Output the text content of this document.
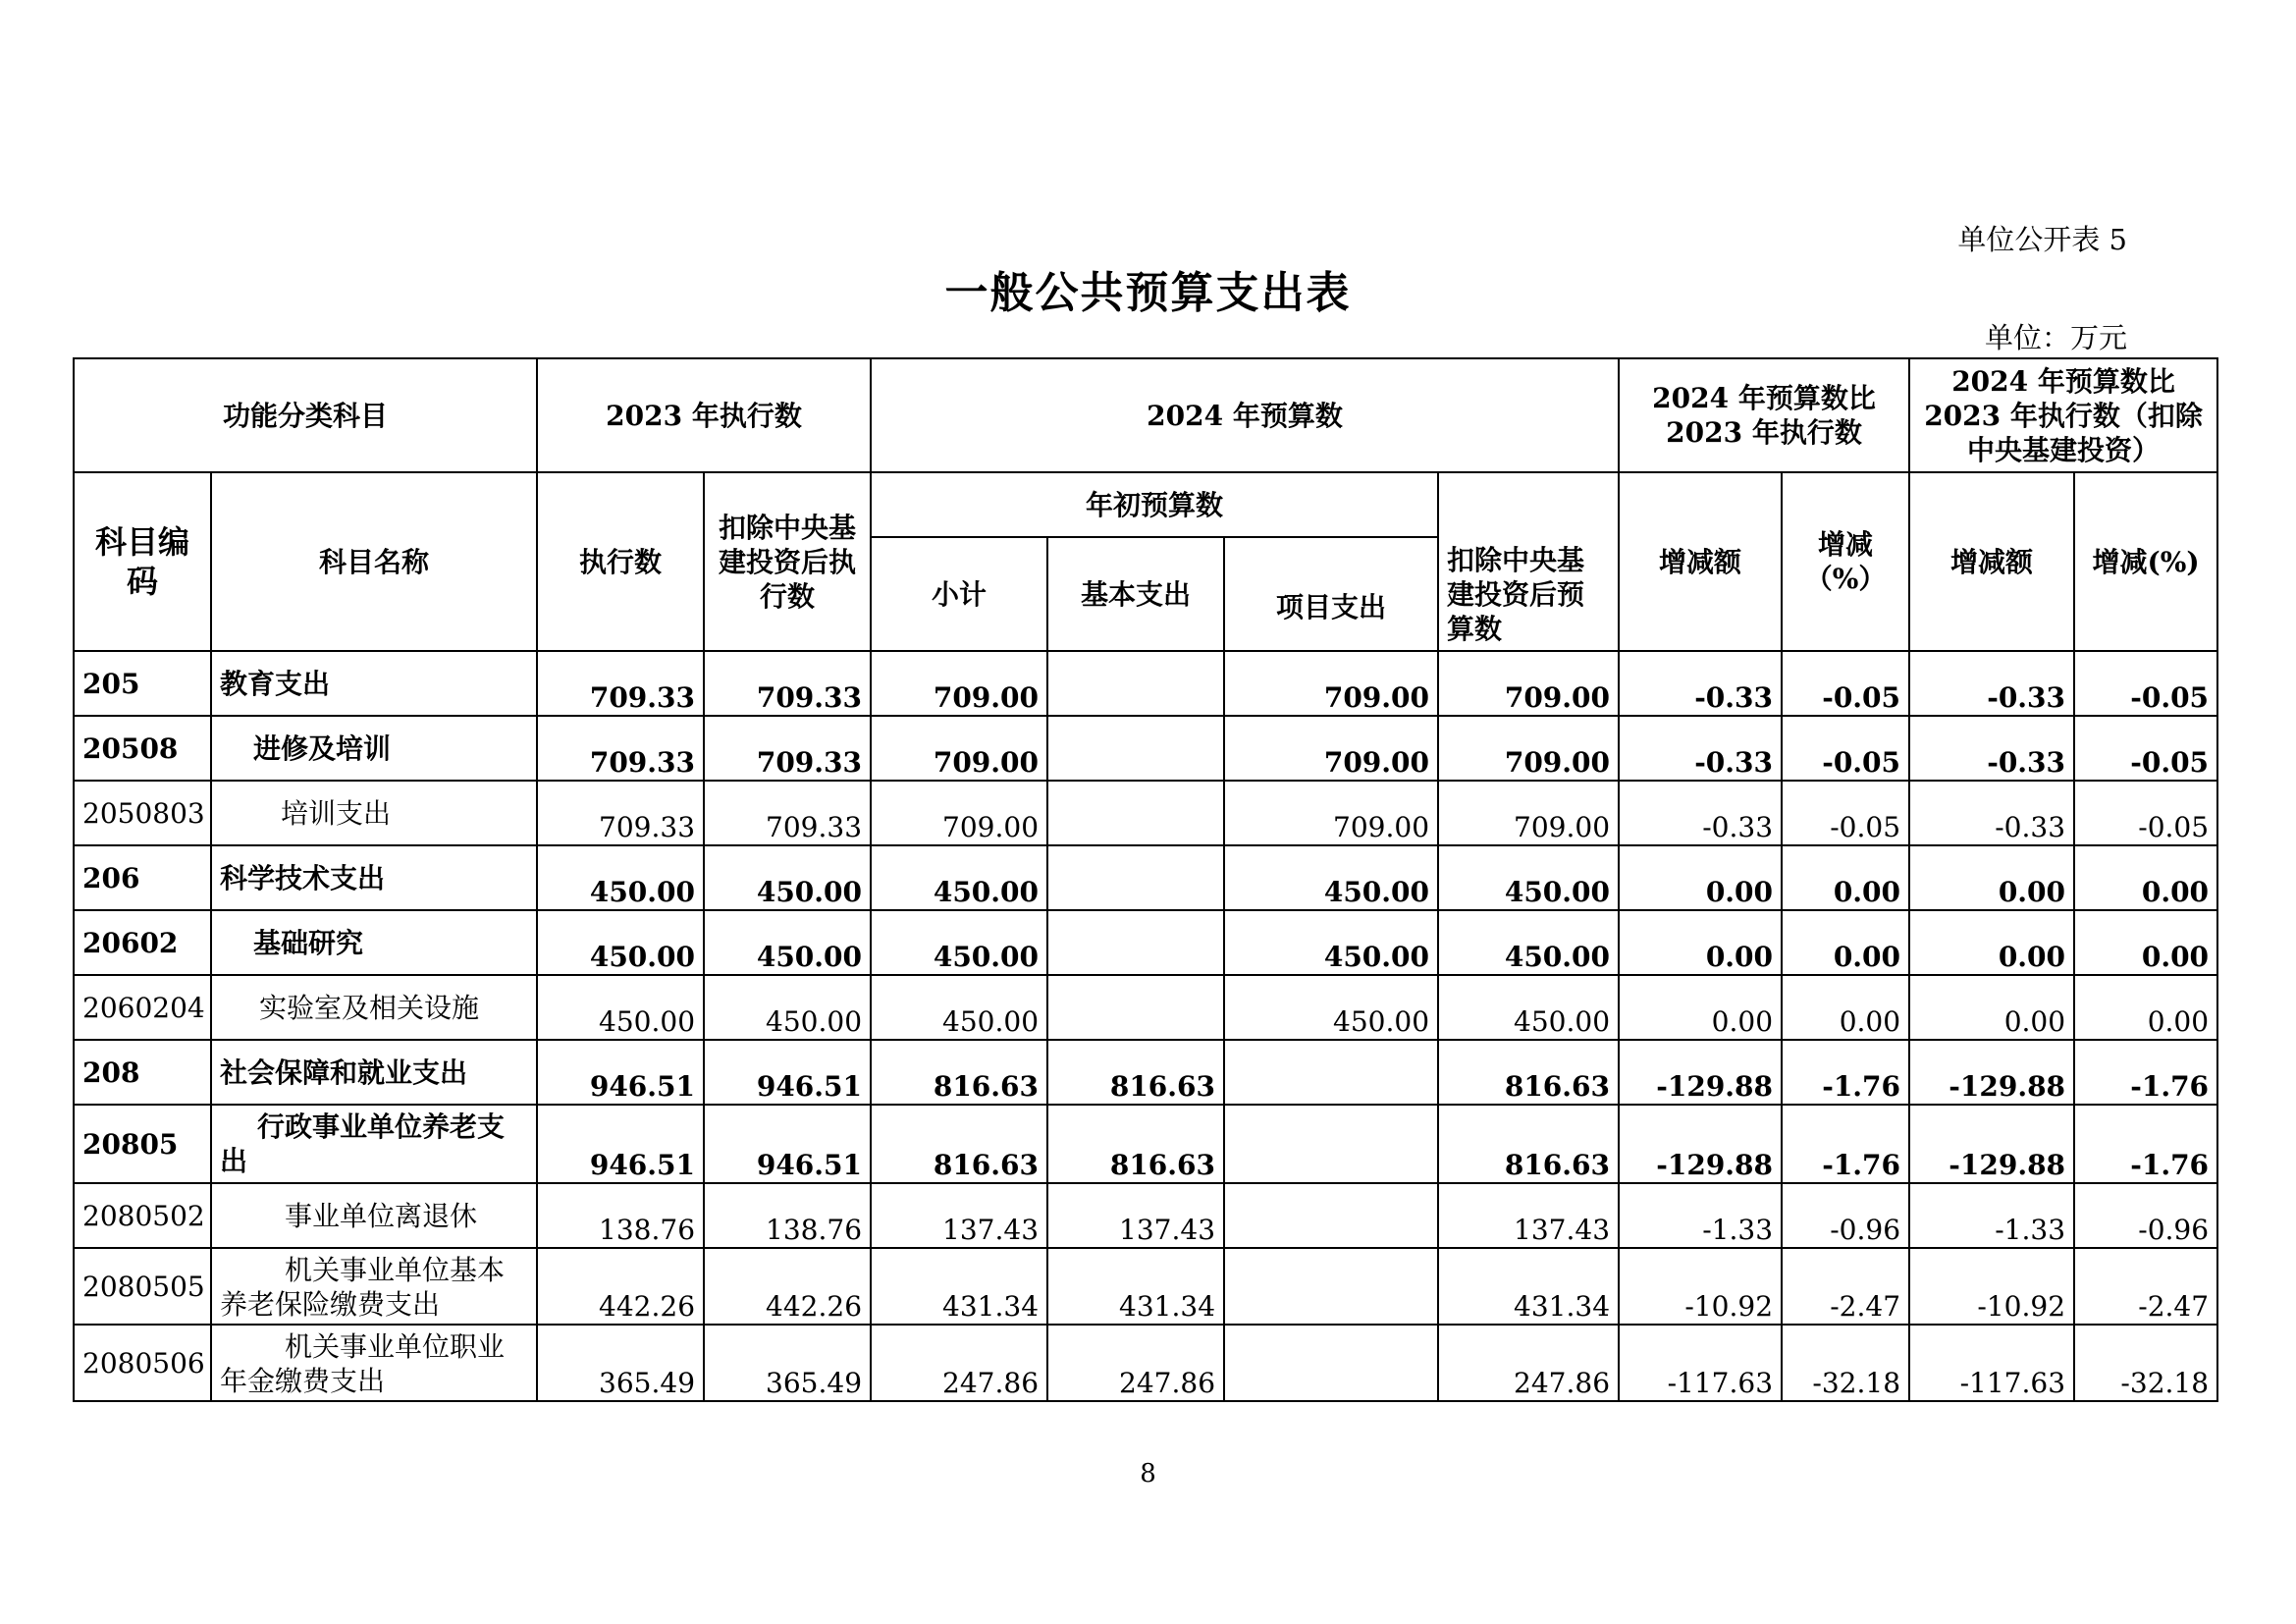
单位公开表 5
一般公共预算支出表
单位：万元
功能分类科目		2023 年执行数		2024 年预算数				2024 年预算数比 2023 年执行数		2024 年预算数比 2023 年执行数（扣除中央基建投资）	
科目编码	科目名称	执行数	扣除中央基建投资后执行数	年初预算数			扣除中央基建投资后预算数	增减额	增减（%）	增减额	增减(%)
				小计	基本支出	项目支出					
205	教育支出	709.33	709.33	709.00		709.00	709.00	-0.33	-0.05	-0.33	-0.05
20508	进修及培训	709.33	709.33	709.00		709.00	709.00	-0.33	-0.05	-0.33	-0.05
2050803	培训支出	709.33	709.33	709.00		709.00	709.00	-0.33	-0.05	-0.33	-0.05
206	科学技术支出	450.00	450.00	450.00		450.00	450.00	0.00	0.00	0.00	0.00
20602	基础研究	450.00	450.00	450.00		450.00	450.00	0.00	0.00	0.00	0.00
2060204	实验室及相关设施	450.00	450.00	450.00		450.00	450.00	0.00	0.00	0.00	0.00
208	社会保障和就业支出	946.51	946.51	816.63	816.63		816.63	-129.88	-1.76	-129.88	-1.76
20805	行政事业单位养老支出	946.51	946.51	816.63	816.63		816.63	-129.88	-1.76	-129.88	-1.76
2080502	事业单位离退休	138.76	138.76	137.43	137.43		137.43	-1.33	-0.96	-1.33	-0.96
2080505	机关事业单位基本养老保险缴费支出	442.26	442.26	431.34	431.34		431.34	-10.92	-2.47	-10.92	-2.47
2080506	机关事业单位职业年金缴费支出	365.49	365.49	247.86	247.86		247.86	-117.63	-32.18	-117.63	-32.18
8
